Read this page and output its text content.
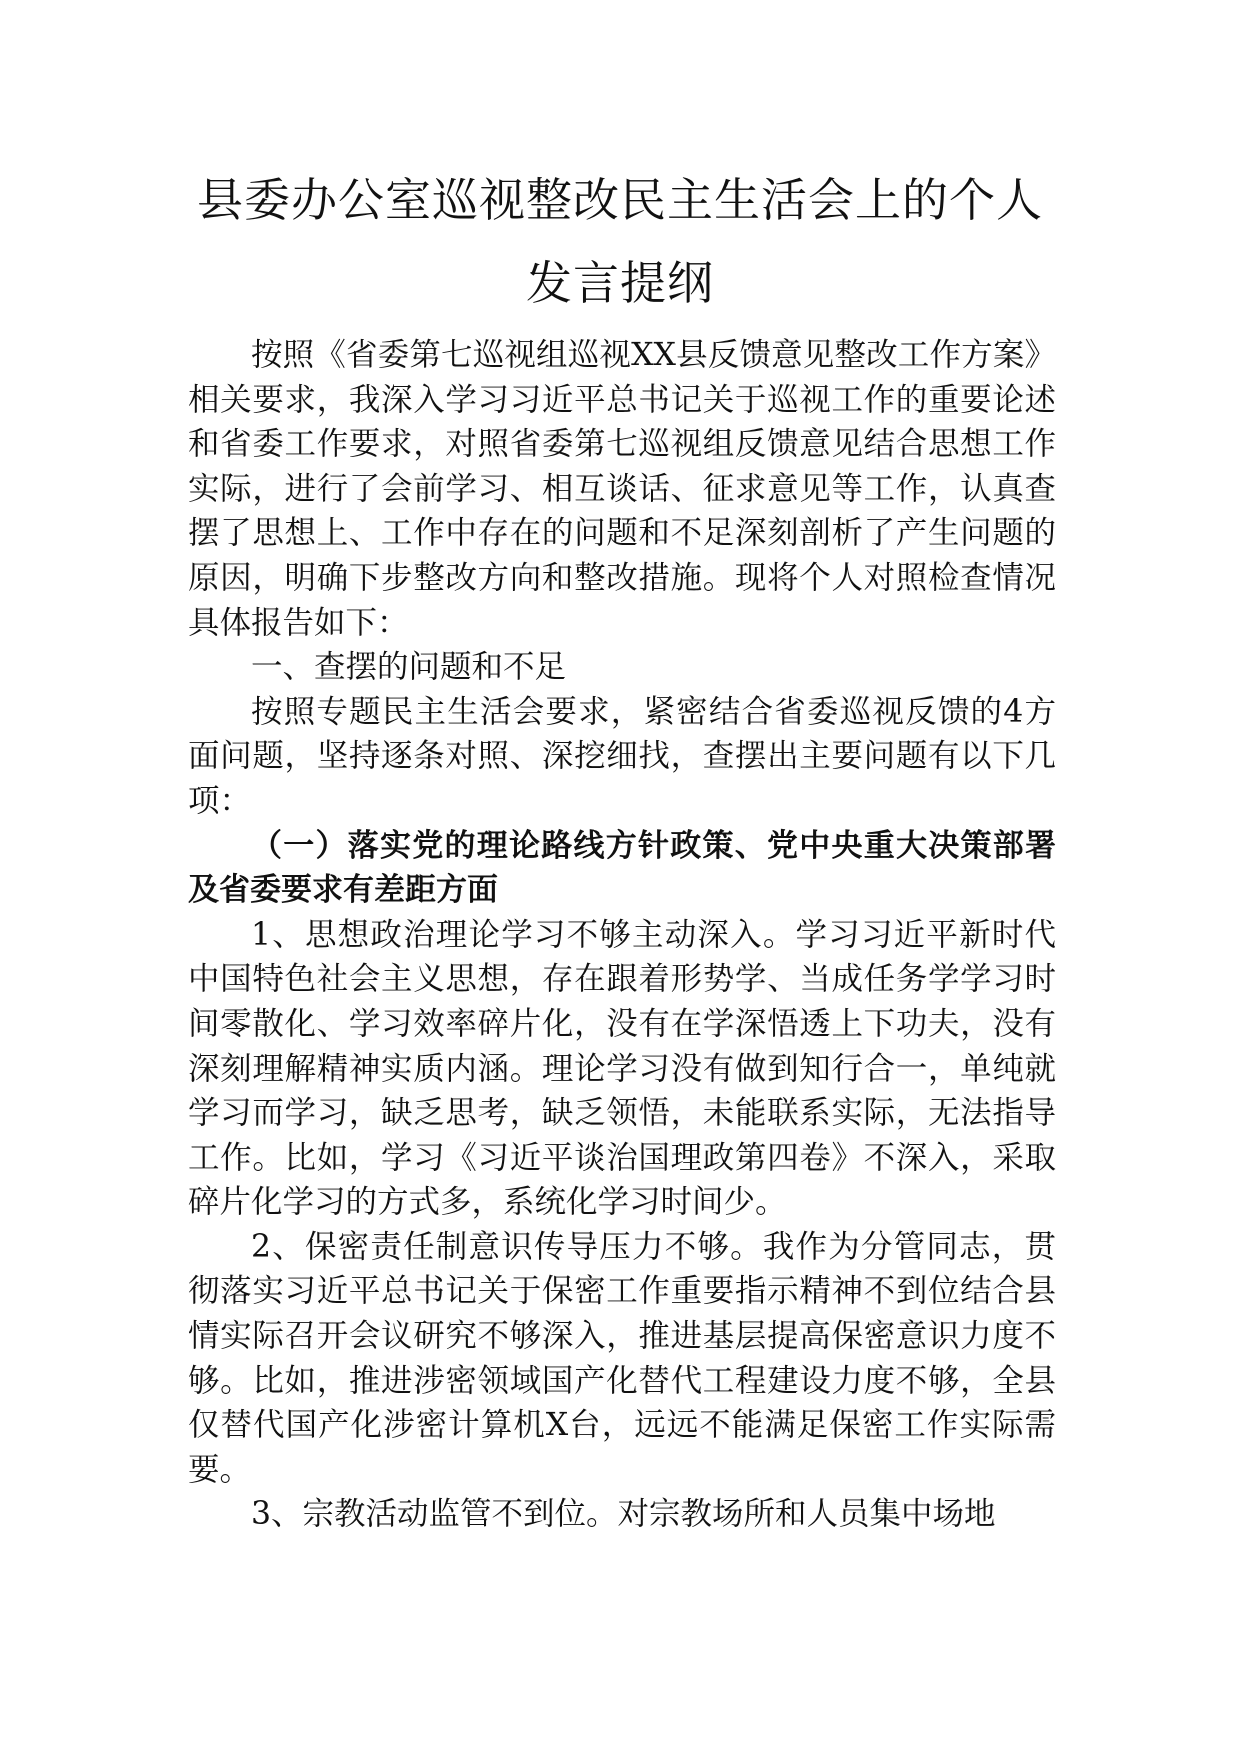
县委办公室巡视整改民主生活会上的个人
发言提纲

按照《省委第七巡视组巡视XX县反馈意见整改工作方案》相关要求，我深入学习习近平总书记关于巡视工作的重要论述和省委工作要求，对照省委第七巡视组反馈意见结合思想工作实际，进行了会前学习、相互谈话、征求意见等工作，认真查摆了思想上、工作中存在的问题和不足深刻剖析了产生问题的原因，明确下步整改方向和整改措施。现将个人对照检查情况具体报告如下：

一、查摆的问题和不足

按照专题民主生活会要求，紧密结合省委巡视反馈的4方面问题，坚持逐条对照、深挖细找，查摆出主要问题有以下几项：

（一）落实党的理论路线方针政策、党中央重大决策部署及省委要求有差距方面

1、思想政治理论学习不够主动深入。学习习近平新时代中国特色社会主义思想，存在跟着形势学、当成任务学学习时间零散化、学习效率碎片化，没有在学深悟透上下功夫，没有深刻理解精神实质内涵。理论学习没有做到知行合一，单纯就学习而学习，缺乏思考，缺乏领悟，未能联系实际，无法指导工作。比如，学习《习近平谈治国理政第四卷》不深入，采取碎片化学习的方式多，系统化学习时间少。

2、保密责任制意识传导压力不够。我作为分管同志，贯彻落实习近平总书记关于保密工作重要指示精神不到位结合县情实际召开会议研究不够深入，推进基层提高保密意识力度不够。比如，推进涉密领域国产化替代工程建设力度不够，全县仅替代国产化涉密计算机X台，远远不能满足保密工作实际需要。

3、宗教活动监管不到位。对宗教场所和人员集中场地
